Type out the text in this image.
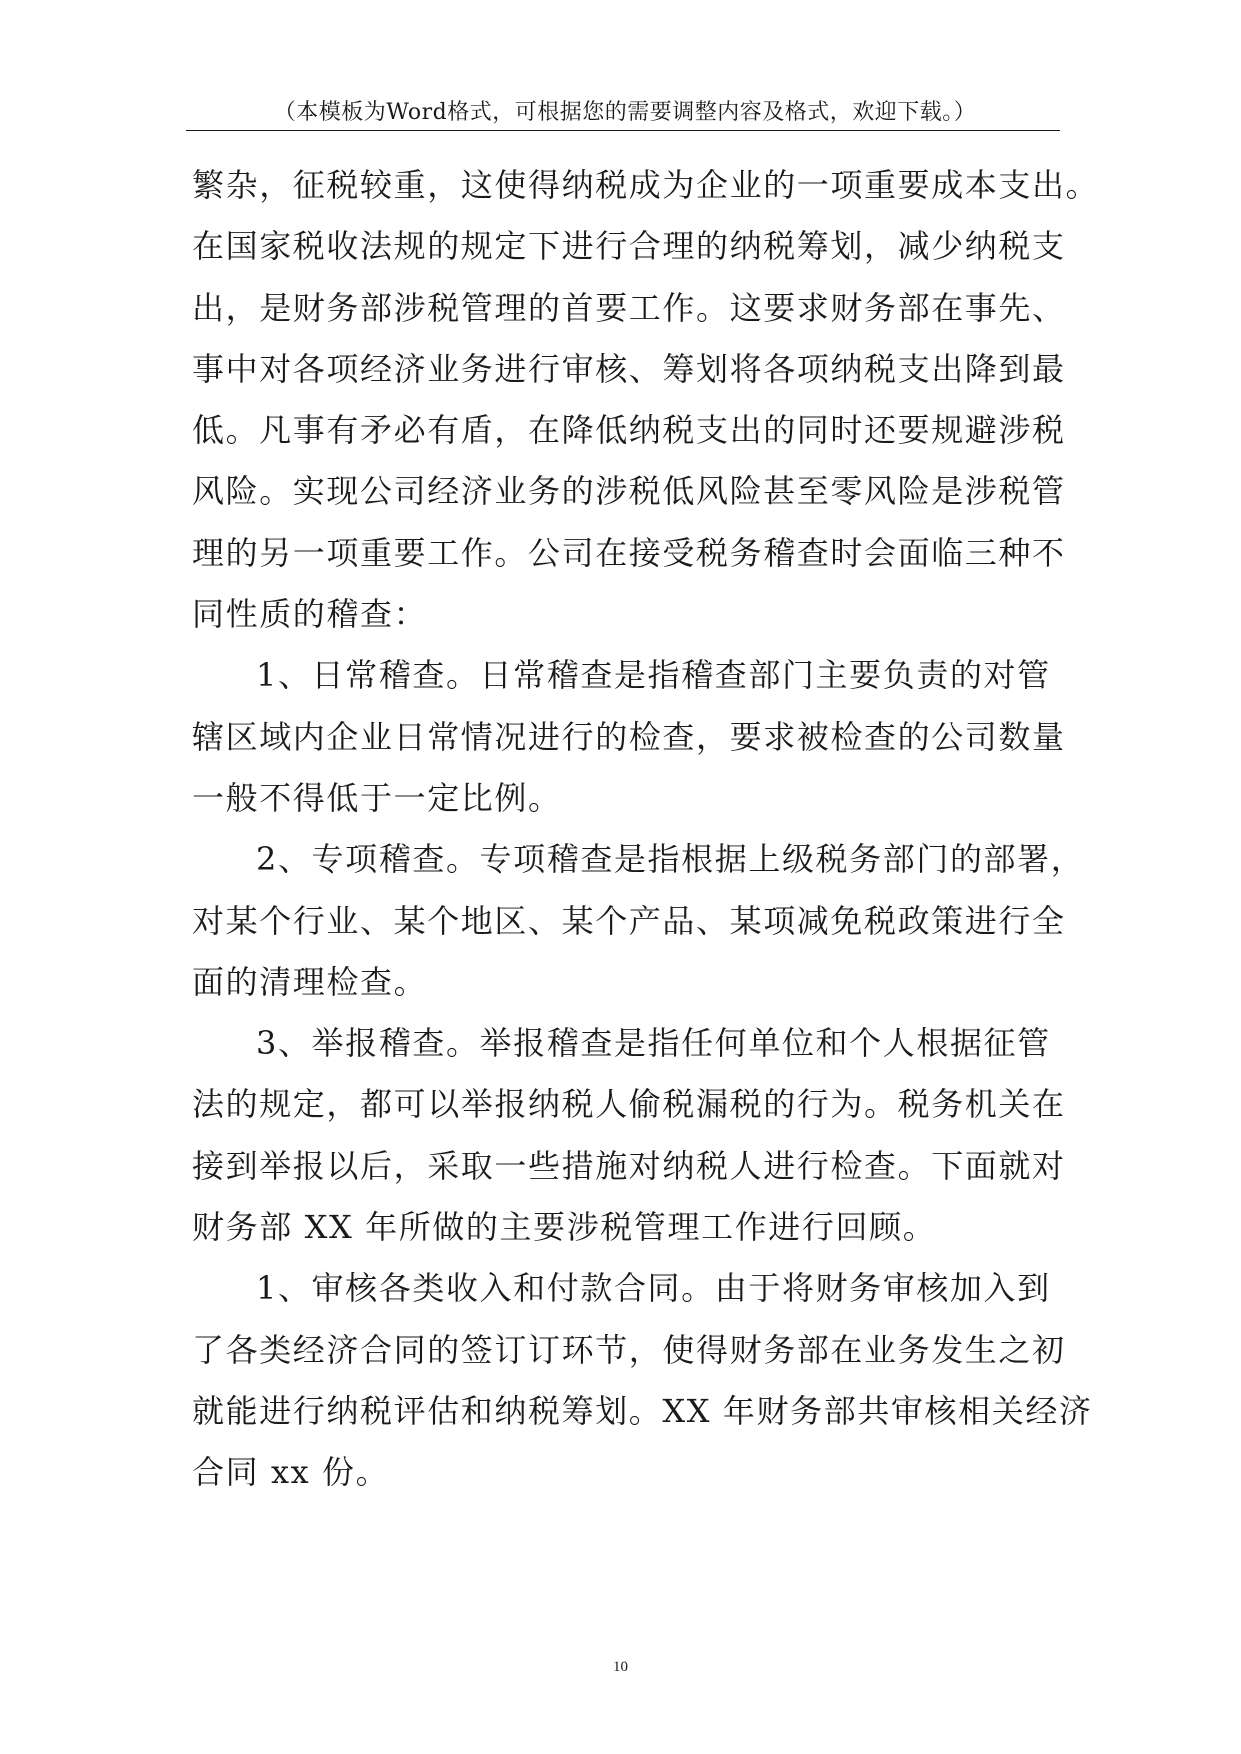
（本模板为Word格式，可根据您的需要调整内容及格式，欢迎下载。）
繁杂，征税较重，这使得纳税成为企业的一项重要成本支出。
在国家税收法规的规定下进行合理的纳税筹划，减少纳税支
出，是财务部涉税管理的首要工作。这要求财务部在事先、
事中对各项经济业务进行审核、筹划将各项纳税支出降到最
低。凡事有矛必有盾，在降低纳税支出的同时还要规避涉税
风险。实现公司经济业务的涉税低风险甚至零风险是涉税管
理的另一项重要工作。公司在接受税务稽查时会面临三种不
同性质的稽查：
1、日常稽查。日常稽查是指稽查部门主要负责的对管
辖区域内企业日常情况进行的检查，要求被检查的公司数量
一般不得低于一定比例。
2、专项稽查。专项稽查是指根据上级税务部门的部署，
对某个行业、某个地区、某个产品、某项减免税政策进行全
面的清理检查。
3、举报稽查。举报稽查是指任何单位和个人根据征管
法的规定，都可以举报纳税人偷税漏税的行为。税务机关在
接到举报以后，采取一些措施对纳税人进行检查。下面就对
财务部 XX 年所做的主要涉税管理工作进行回顾。
1、审核各类收入和付款合同。由于将财务审核加入到
了各类经济合同的签订订环节，使得财务部在业务发生之初
就能进行纳税评估和纳税筹划。XX 年财务部共审核相关经济
合同 xx 份。
10
